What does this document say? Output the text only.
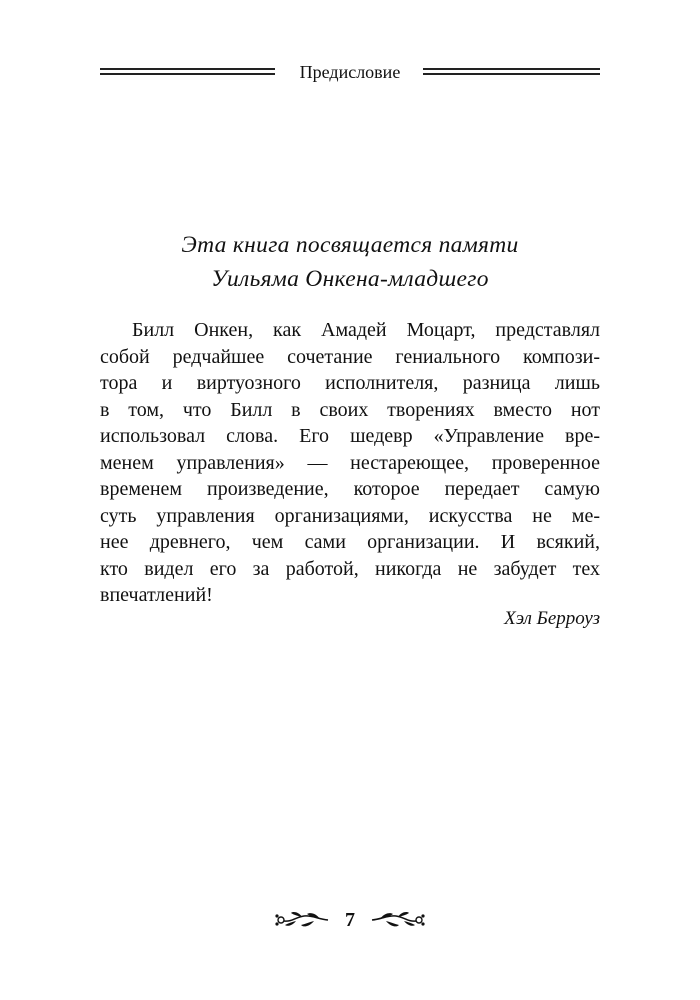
Предисловие
Эта книга посвящается памяти
Уильяма Онкена-младшего
Билл Онкен, как Амадей Моцарт, представлял
собой редчайшее сочетание гениального компози-
тора и виртуозного исполнителя, разница лишь
в том, что Билл в своих творениях вместо нот
использовал слова. Его шедевр «Управление вре-
менем управления» — нестареющее, проверенное
временем произведение, которое передает самую
суть управления организациями, искусства не ме-
нее древнего, чем сами организации. И всякий,
кто видел его за работой, никогда не забудет тех
впечатлений!
Хэл Берроуз
7
